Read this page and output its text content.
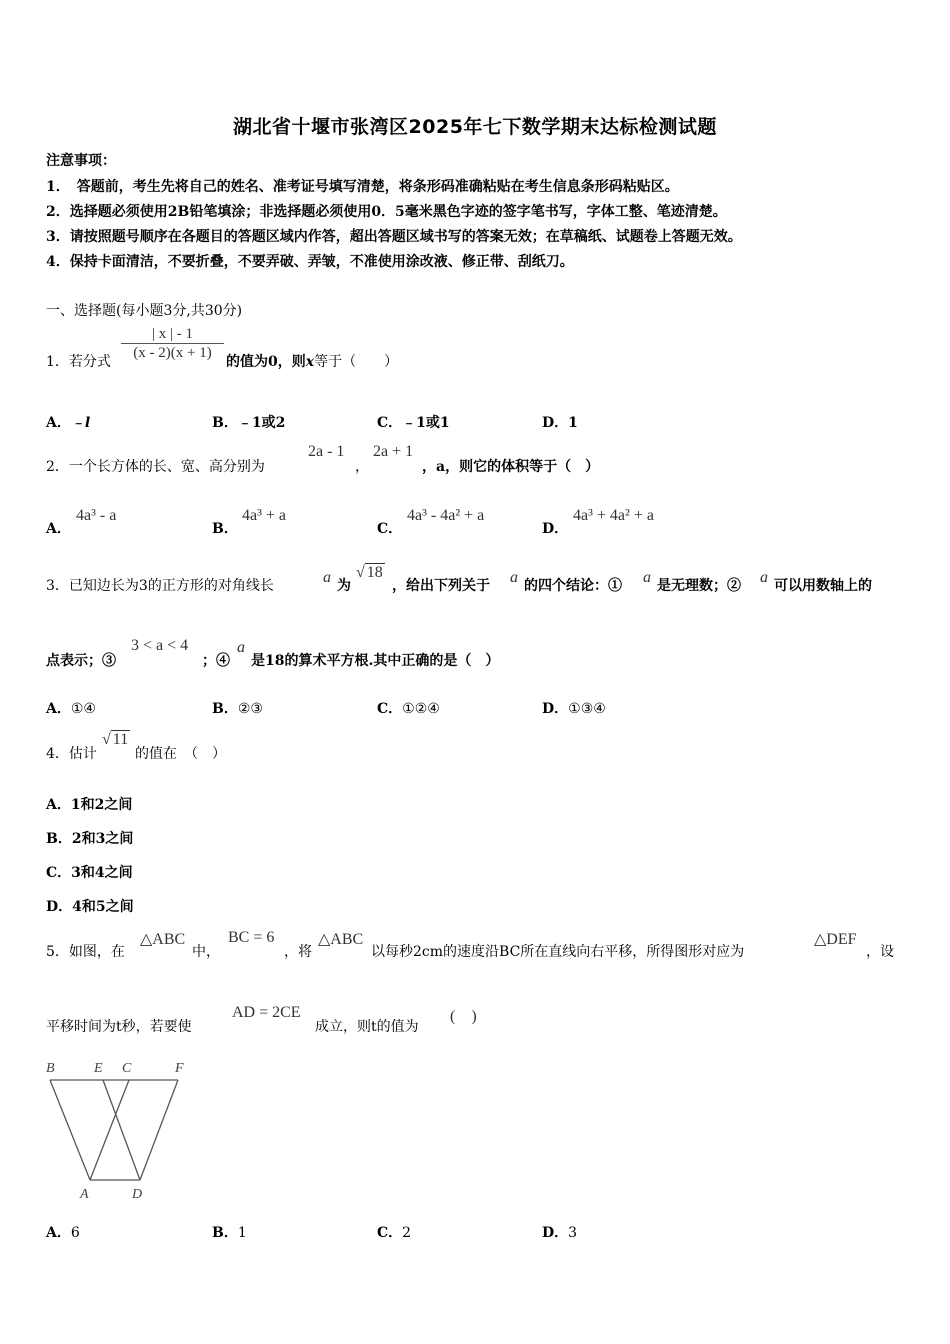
湖北省十堰市张湾区2025年七下数学期末达标检测试题
注意事项：
1．　答题前，考生先将自己的姓名、准考证号填写清楚，将条形码准确粘贴在考生信息条形码粘贴区。
2．选择题必须使用2B铅笔填涂；非选择题必须使用0．5毫米黑色字迹的签字笔书写，字体工整、笔迹清楚。
3．请按照题号顺序在各题目的答题区域内作答，超出答题区域书写的答案无效；在草稿纸、试题卷上答题无效。
4．保持卡面清洁，不要折叠，不要弄破、弄皱，不准使用涂改液、修正带、刮纸刀。
一、选择题(每小题3分,共30分)
1．若分式
| x | - 1
(x - 2)(x + 1)
的值为0，则x等于（　　）
A．﹣l	B．﹣1或2	C．﹣1或1	D．1
2．一个长方体的长、宽、高分别为
2a - 1
，
2a + 1
，a，则它的体积等于（　）
A．
4a³ - a
B．
4a³ + a
C．
4a³ - 4a² + a
D．
4a³ + 4a² + a
3．已知边长为3的正方形的对角线长	a 为
√ 18
，给出下列关于 a 的四个结论：① a 是无理数；② a 可以用数轴上的
点表示；③
3 < a < 4
；④
a
是18的算术平方根.其中正确的是（　）
A．①④	B．②③	C．①②④	D．①③④
4．估计
√ 11
的值在　（　）
A．1和2之间
B．2和3之间
C．3和4之间
D．4和5之间
5．如图，在
△ABC
中，
BC = 6
，将
△ABC
以每秒2cm的速度沿BC所在直线向右平移，所得图形对应为
△DEF
，设
平移时间为t秒，若要使
AD = 2CE
成立，则t的值为
(　)
B	E C	F
A	D
A．6	B．1	C．2	D．3
